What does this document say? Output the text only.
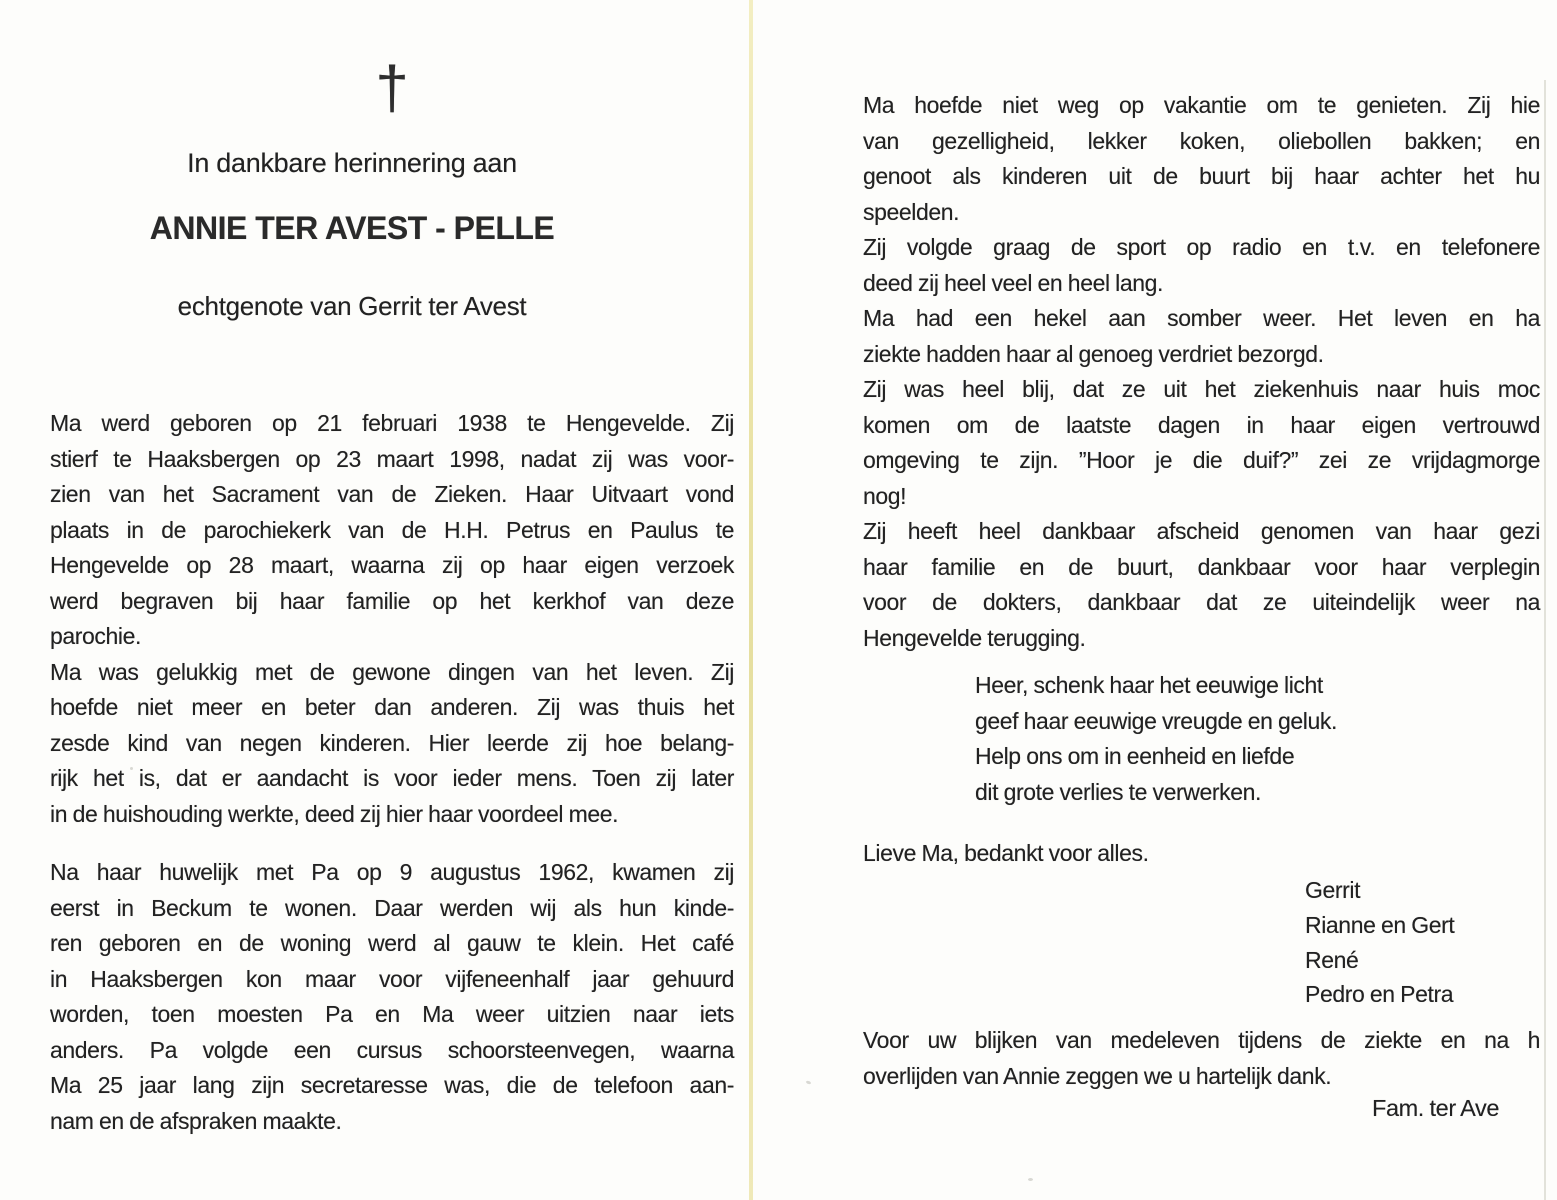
†
In dankbare herinnering aan
ANNIE TER AVEST - PELLE
echtgenote van Gerrit ter Avest
Ma werd geboren op 21 februari 1938 te Hengevelde. Zij
stierf te Haaksbergen op 23 maart 1998, nadat zij was voor-
zien van het Sacrament van de Zieken. Haar Uitvaart vond
plaats in de parochiekerk van de H.H. Petrus en Paulus te
Hengevelde op 28 maart, waarna zij op haar eigen verzoek
werd begraven bij haar familie op het kerkhof van deze
parochie.
Ma was gelukkig met de gewone dingen van het leven. Zij
hoefde niet meer en beter dan anderen. Zij was thuis het
zesde kind van negen kinderen. Hier leerde zij hoe belang-
rijk het is, dat er aandacht is voor ieder mens. Toen zij later
in de huishouding werkte, deed zij hier haar voordeel mee.
Na haar huwelijk met Pa op 9 augustus 1962, kwamen zij
eerst in Beckum te wonen. Daar werden wij als hun kinde-
ren geboren en de woning werd al gauw te klein. Het café
in Haaksbergen kon maar voor vijfeneenhalf jaar gehuurd
worden, toen moesten Pa en Ma weer uitzien naar iets
anders. Pa volgde een cursus schoorsteenvegen, waarna
Ma 25 jaar lang zijn secretaresse was, die de telefoon aan-
nam en de afspraken maakte.
Ma hoefde niet weg op vakantie om te genieten. Zij hie
van gezelligheid, lekker koken, oliebollen bakken; en
genoot als kinderen uit de buurt bij haar achter het hu
speelden.
Zij volgde graag de sport op radio en t.v. en telefonere
deed zij heel veel en heel lang.
Ma had een hekel aan somber weer. Het leven en ha
ziekte hadden haar al genoeg verdriet bezorgd.
Zij was heel blij, dat ze uit het ziekenhuis naar huis moc
komen om de laatste dagen in haar eigen vertrouwd
omgeving te zijn. ”Hoor je die duif?” zei ze vrijdagmorge
nog!
Zij heeft heel dankbaar afscheid genomen van haar gezi
haar familie en de buurt, dankbaar voor haar verplegin
voor de dokters, dankbaar dat ze uiteindelijk weer na
Hengevelde terugging.
Heer, schenk haar het eeuwige licht
geef haar eeuwige vreugde en geluk.
Help ons om in eenheid en liefde
dit grote verlies te verwerken.
Lieve Ma, bedankt voor alles.
Gerrit
Rianne en Gert
René
Pedro en Petra
Voor uw blijken van medeleven tijdens de ziekte en na h
overlijden van Annie zeggen we u hartelijk dank.
Fam. ter Ave
